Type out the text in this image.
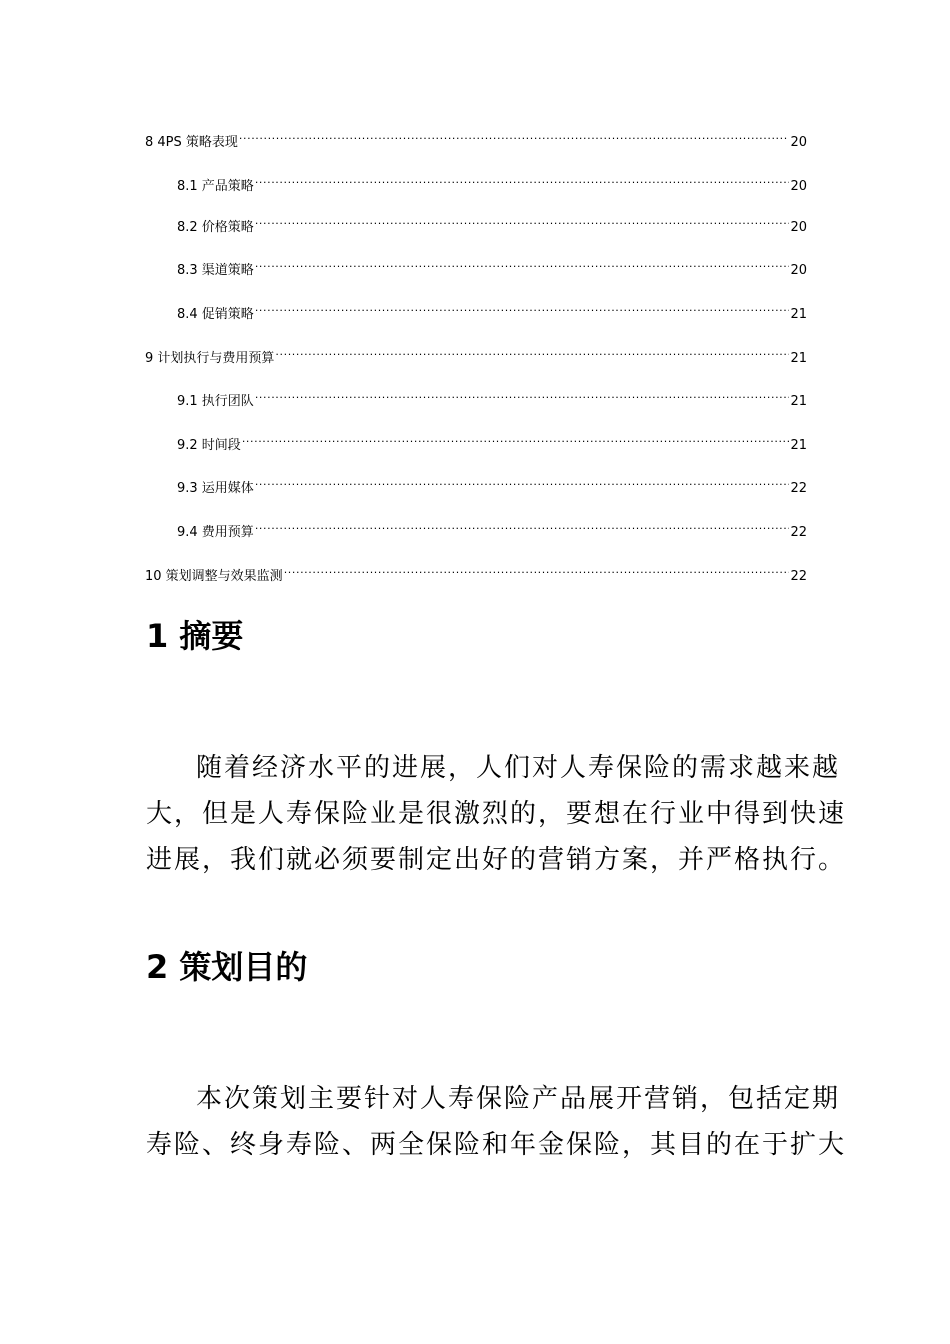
8 4PS 策略表现 .....	20
8.1 产品策略 .....	20
8.2 价格策略 .....	20
8.3 渠道策略 .....	20
8.4 促销策略 .....	21
9 计划执行与费用预算 .....	21
9.1 执行团队 .....	21
9.2 时间段 .....	21
9.3 运用媒体 .....	22
9.4 费用预算 .....	22
10 策划调整与效果监测 .....	22
1 摘要

随着经济水平的进展，人们对人寿保险的需求越来越
大，但是人寿保险业是很激烈的，要想在行业中得到快速
进展，我们就必须要制定出好的营销方案，并严格执行。

2 策划目的

本次策划主要针对人寿保险产品展开营销，包括定期
寿险、终身寿险、两全保险和年金保险，其目的在于扩大
